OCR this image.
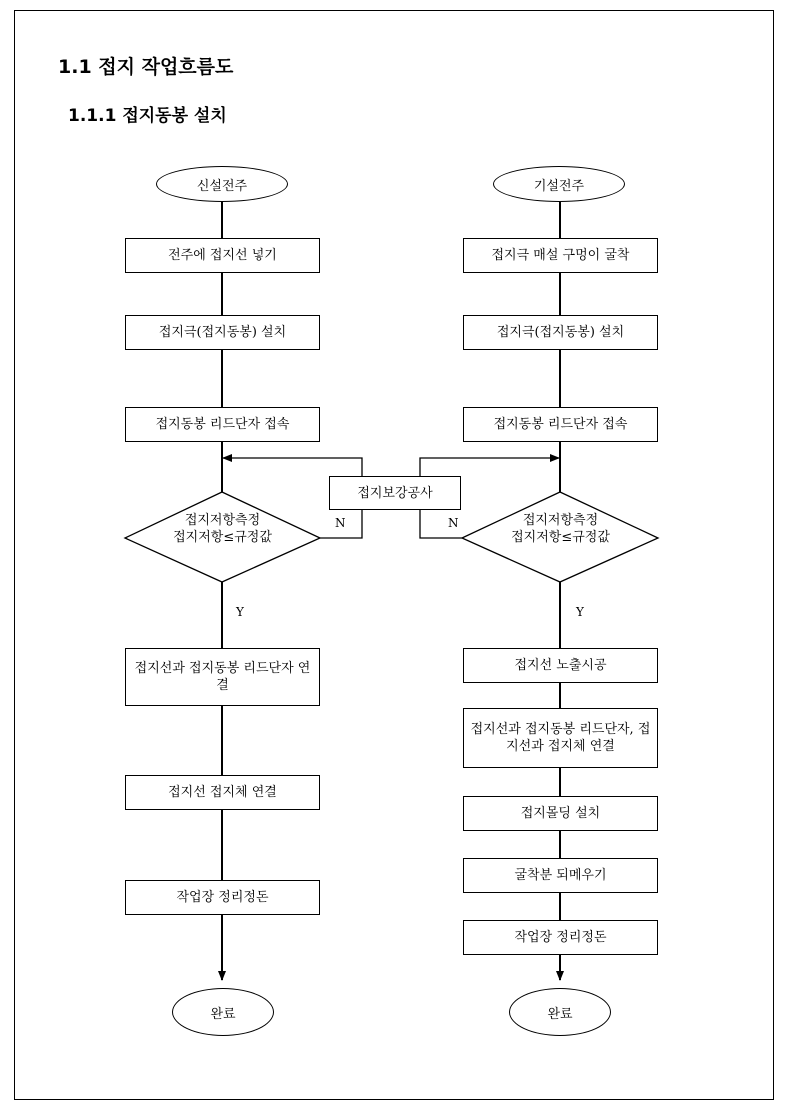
1.1 접지 작업흐름도
1.1.1 접지동봉 설치
신설전주
전주에 접지선 넣기
접지극(접지동봉) 설치
접지동봉 리드단자 접속
접지저항측정
접지저항≤규정값
N
Y
접지선과 접지동봉 리드단자 연결
접지선 접지체 연결
작업장 정리정돈
완료
접지보강공사
기설전주
접지극 매설 구멍이 굴착
접지극(접지동봉) 설치
접지동봉 리드단자 접속
접지저항측정
접지저항≤규정값
N
Y
접지선 노출시공
접지선과 접지동봉 리드단자, 접지선과 접지체 연결
접지몰딩 설치
굴착분 되메우기
작업장 정리정돈
완료
